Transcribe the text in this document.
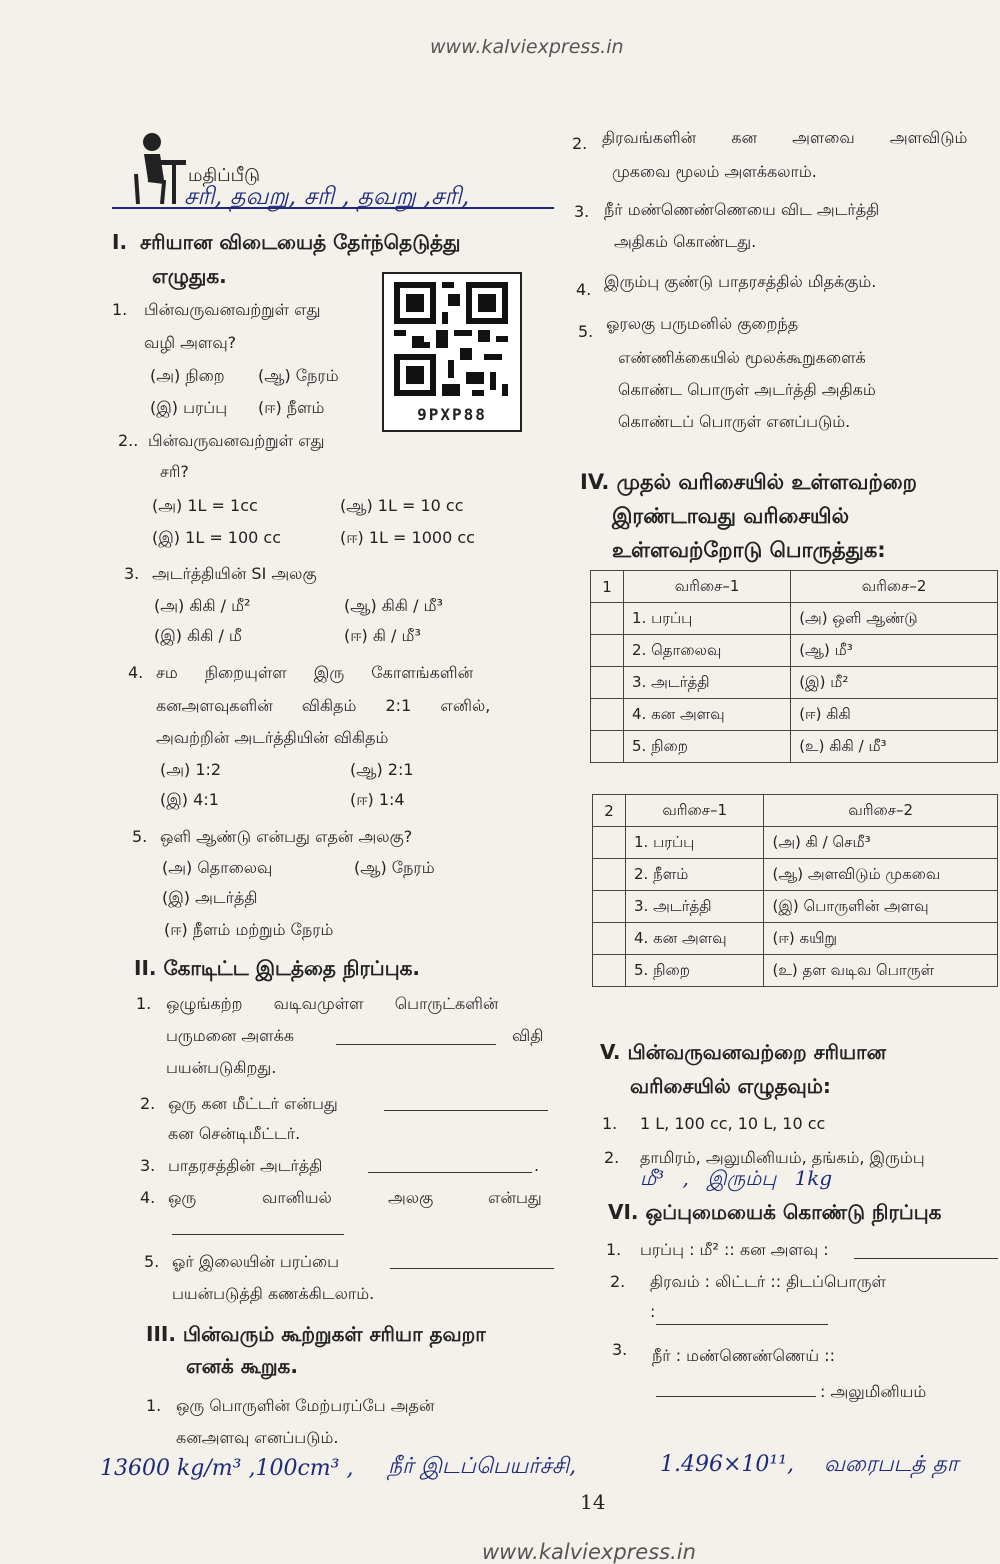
www.kalviexpress.in
மதிப்பீடு
சரி, தவறு, சரி , தவறு ,சரி,
I. சரியான விடையைத் தேர்ந்தெடுத்து
எழுதுக.
9PXP88
1. பின்வருவனவற்றுள் எது
வழி அளவு?
(அ) நிறை (ஆ) நேரம்
(இ) பரப்பு (ஈ) நீளம்
2.. பின்வருவனவற்றுள் எது
சரி?
(அ) 1L = 1cc	(ஆ) 1L = 10 cc
(இ) 1L = 100 cc	(ஈ) 1L = 1000 cc
3. அடர்த்தியின் SI அலகு
(அ) கிகி / மீ²	(ஆ) கிகி / மீ³
(இ) கிகி / மீ	(ஈ) கி / மீ³
4. சம நிறையுள்ள இரு கோளங்களின்
கனஅளவுகளின் விகிதம் 2:1 எனில்,
அவற்றின் அடர்த்தியின் விகிதம்
(அ) 1:2	(ஆ) 2:1
(இ) 4:1	(ஈ) 1:4
5. ஒளி ஆண்டு என்பது எதன் அலகு?
(அ) தொலைவு	(ஆ) நேரம்
(இ) அடர்த்தி
(ஈ) நீளம் மற்றும் நேரம்
II. கோடிட்ட இடத்தை நிரப்புக.
1. ஒழுங்கற்ற வடிவமுள்ள பொருட்களின்
பருமனை அளக்க	விதி
பயன்படுகிறது.
2. ஒரு கன மீட்டர் என்பது
கன சென்டிமீட்டர்.
3. பாதரசத்தின் அடர்த்தி	.
4. ஒரு	வானியல்	அலகு	என்பது
5. ஓர் இலையின் பரப்பை
பயன்படுத்தி கணக்கிடலாம்.
III. பின்வரும் கூற்றுகள் சரியா தவறா
எனக் கூறுக.
1. ஒரு பொருளின் மேற்பரப்பே அதன்
கனஅளவு எனப்படும்.
13600 kg/m³ ,100cm³ , நீர் இடப்பெயர்ச்சி,	1.496×10¹¹, வரைபடத் தா
14
www.kalviexpress.in
2. திரவங்களின் கன அளவை அளவிடும்
முகவை மூலம் அளக்கலாம்.
3. நீர் மண்ணெண்ணெயை விட அடர்த்தி
அதிகம் கொண்டது.
4. இரும்பு குண்டு பாதரசத்தில் மிதக்கும்.
5. ஓரலகு பருமனில் குறைந்த
எண்ணிக்கையில் மூலக்கூறுகளைக்
கொண்ட பொருள் அடர்த்தி அதிகம்
கொண்டப் பொருள் எனப்படும்.
IV. முதல் வரிசையில் உள்ளவற்றை
இரண்டாவது வரிசையில்
உள்ளவற்றோடு பொருத்துக:
1	வரிசை–1	வரிசை–2
	1. பரப்பு	(அ) ஒளி ஆண்டு
	2. தொலைவு	(ஆ) மீ³
	3. அடர்த்தி	(இ) மீ²
	4. கன அளவு	(ஈ) கிகி
	5. நிறை	(உ) கிகி / மீ³
2	வரிசை–1	வரிசை–2
	1. பரப்பு	(அ) கி / செமீ³
	2. நீளம்	(ஆ) அளவிடும் முகவை
	3. அடர்த்தி	(இ) பொருளின் அளவு
	4. கன அளவு	(ஈ) கயிறு
	5. நிறை	(உ) தள வடிவ பொருள்
V. பின்வருவனவற்றை சரியான
வரிசையில் எழுதவும்:
1. 1 L, 100 cc, 10 L, 10 cc
2. தாமிரம், அலுமினியம், தங்கம், இரும்பு
மீ³ , இரும்பு 1kg
VI. ஒப்புமையைக் கொண்டு நிரப்புக
1. பரப்பு : மீ² :: கன அளவு :
2. திரவம் : லிட்டர் :: திடப்பொருள்
:
3. நீர் : மண்ணெண்ணெய் ::
: அலுமினியம்
